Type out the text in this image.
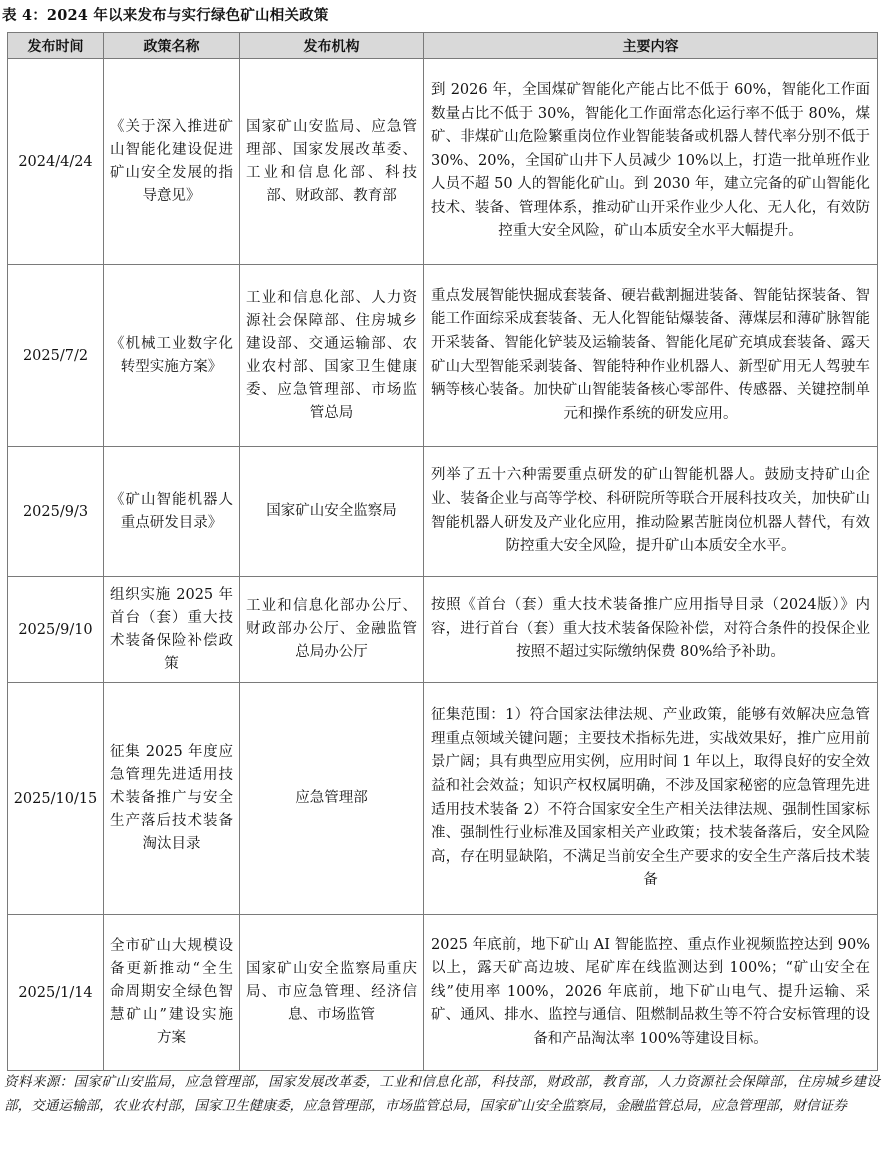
表 4：2024 年以来发布与实行绿色矿山相关政策
发布时间	政策名称	发布机构	主要内容
2024/4/24	《关于深入推进矿山智能化建设促进矿山安全发展的指导意见》	国家矿山安监局、应急管理部、国家发展改革委、工业和信息化部、科技部、财政部、教育部	到 2026 年，全国煤矿智能化产能占比不低于 60%，智能化工作面数量占比不低于 30%，智能化工作面常态化运行率不低于 80%，煤矿、非煤矿山危险繁重岗位作业智能装备或机器人替代率分别不低于 30%、20%，全国矿山井下人员减少 10%以上，打造一批单班作业人员不超 50 人的智能化矿山。到 2030 年，建立完备的矿山智能化技术、装备、管理体系，推动矿山开采作业少人化、无人化，有效防控重大安全风险，矿山本质安全水平大幅提升。

2025/7/2	《机械工业数字化转型实施方案》	工业和信息化部、人力资源社会保障部、住房城乡建设部、交通运输部、农业农村部、国家卫生健康委、应急管理部、市场监管总局	重点发展智能快掘成套装备、硬岩截割掘进装备、智能钻探装备、智能工作面综采成套装备、无人化智能钻爆装备、薄煤层和薄矿脉智能开采装备、智能化铲装及运输装备、智能化尾矿充填成套装备、露天矿山大型智能采剥装备、智能特种作业机器人、新型矿用无人驾驶车辆等核心装备。加快矿山智能装备核心零部件、传感器、关键控制单元和操作系统的研发应用。

2025/9/3	《矿山智能机器人重点研发目录》	国家矿山安全监察局	列举了五十六种需要重点研发的矿山智能机器人。鼓励支持矿山企业、装备企业与高等学校、科研院所等联合开展科技攻关，加快矿山智能机器人研发及产业化应用，推动险累苦脏岗位机器人替代，有效防控重大安全风险，提升矿山本质安全水平。

2025/9/10	组织实施 2025 年首台（套）重大技术装备保险补偿政策	工业和信息化部办公厅、财政部办公厅、金融监管总局办公厅	按照《首台（套）重大技术装备推广应用指导目录（2024版）》内容，进行首台（套）重大技术装备保险补偿，对符合条件的投保企业按照不超过实际缴纳保费 80%给予补助。

2025/10/15	征集 2025 年度应急管理先进适用技术装备推广与安全生产落后技术装备淘汰目录	应急管理部	征集范围：1）符合国家法律法规、产业政策，能够有效解决应急管理重点领域关键问题；主要技术指标先进，实战效果好，推广应用前景广阔；具有典型应用实例，应用时间 1 年以上，取得良好的安全效益和社会效益；知识产权权属明确，不涉及国家秘密的应急管理先进适用技术装备 2）不符合国家安全生产相关法律法规、强制性国家标准、强制性行业标准及国家相关产业政策；技术装备落后，安全风险高，存在明显缺陷，不满足当前安全生产要求的安全生产落后技术装备

2025/1/14	全市矿山大规模设备更新推动“全生命周期安全绿色智慧矿山”建设实施方案	国家矿山安全监察局重庆局、市应急管理、经济信息、市场监管	2025 年底前，地下矿山 AI 智能监控、重点作业视频监控达到 90%以上，露天矿高边坡、尾矿库在线监测达到 100%；“矿山安全在线”使用率 100%，2026 年底前，地下矿山电气、提升运输、采矿、通风、排水、监控与通信、阻燃制品救生等不符合安标管理的设备和产品淘汰率 100%等建设目标。
资料来源：国家矿山安监局，应急管理部，国家发展改革委，工业和信息化部，科技部，财政部，教育部，人力资源社会保障部，住房城乡建设部，交通运输部，农业农村部，国家卫生健康委，应急管理部，市场监管总局，国家矿山安全监察局，金融监管总局，应急管理部，财信证券
